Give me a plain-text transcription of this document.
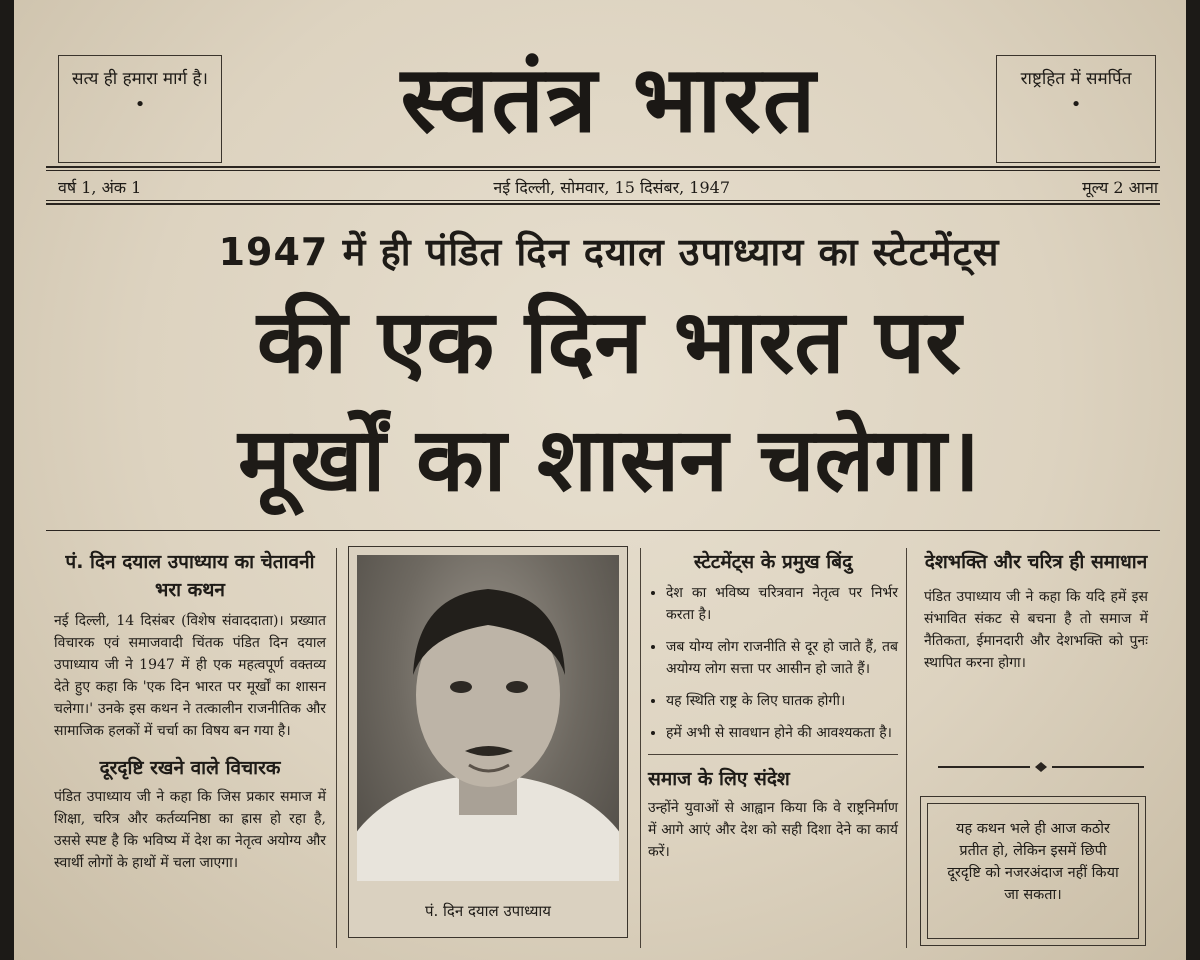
सत्य ही हमारा मार्ग है।
•	स्वतंत्र भारत	राष्ट्रहित में समर्पित
•
वर्ष 1, अंक 1	नई दिल्ली, सोमवार, 15 दिसंबर, 1947	मूल्य 2 आना
1947 में ही पंडित दिन दयाल उपाध्याय का स्टेटमेंट्स
की एक दिन भारत पर
मूर्खों का शासन चलेगा।
पं. दिन दयाल उपाध्याय का चेतावनी भरा कथन

नई दिल्ली, 14 दिसंबर (विशेष संवाददाता)। प्रख्यात विचारक एवं समाजवादी चिंतक पंडित दिन दयाल उपाध्याय जी ने 1947 में ही एक महत्वपूर्ण वक्तव्य देते हुए कहा कि 'एक दिन भारत पर मूर्खों का शासन चलेगा।' उनके इस कथन ने तत्कालीन राजनीतिक और सामाजिक हलकों में चर्चा का विषय बन गया है।

दूरदृष्टि रखने वाले विचारक

पंडित उपाध्याय जी ने कहा कि जिस प्रकार समाज में शिक्षा, चरित्र और कर्तव्यनिष्ठा का ह्रास हो रहा है, उससे स्पष्ट है कि भविष्य में देश का नेतृत्व अयोग्य और स्वार्थी लोगों के हाथों में चला जाएगा।

पं. दिन दयाल उपाध्याय
स्टेटमेंट्स के प्रमुख बिंदु
• देश का भविष्य चरित्रवान नेतृत्व पर निर्भर करता है।
• जब योग्य लोग राजनीति से दूर हो जाते हैं, तब अयोग्य लोग सत्ता पर आसीन हो जाते हैं।
• यह स्थिति राष्ट्र के लिए घातक होगी।
• हमें अभी से सावधान होने की आवश्यकता है।
समाज के लिए संदेश

उन्होंने युवाओं से आह्वान किया कि वे राष्ट्रनिर्माण में आगे आएं और देश को सही दिशा देने का कार्य करें।

देशभक्ति और चरित्र ही समाधान

पंडित उपाध्याय जी ने कहा कि यदि हमें इस संभावित संकट से बचना है तो समाज में नैतिकता, ईमानदारी और देशभक्ति को पुनः स्थापित करना होगा।

यह कथन भले ही आज कठोर प्रतीत हो, लेकिन इसमें छिपी दूरदृष्टि को नजरअंदाज नहीं किया जा सकता।
